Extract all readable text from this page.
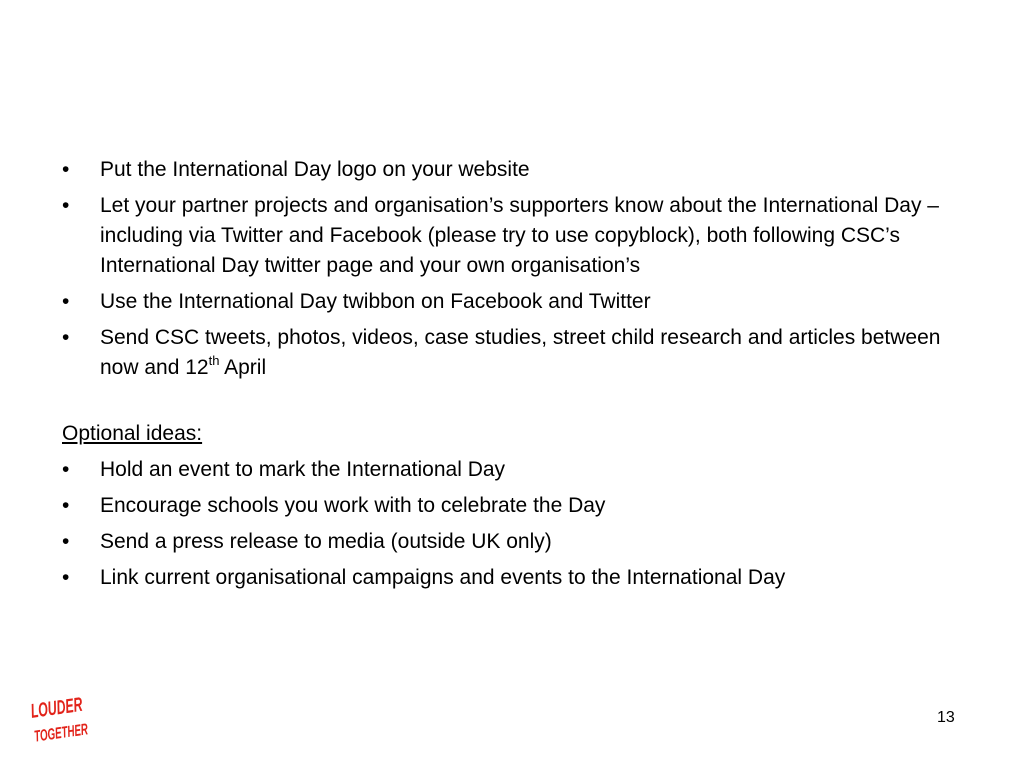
• Put the International Day logo on your website
• Let your partner projects and organisation’s supporters know about the International Day – including via Twitter and Facebook (please try to use copyblock), both following CSC’s International Day twitter page and your own organisation’s
• Use the International Day twibbon on Facebook and Twitter
• Send CSC tweets, photos, videos, case studies, street child research and articles between now and 12th April
Optional ideas:
• Hold an event to mark the International Day
• Encourage schools you work with to celebrate the Day
• Send a press release to media (outside UK only)
• Link current organisational campaigns and events to the International Day
LOUDER
TOGETHER	13
